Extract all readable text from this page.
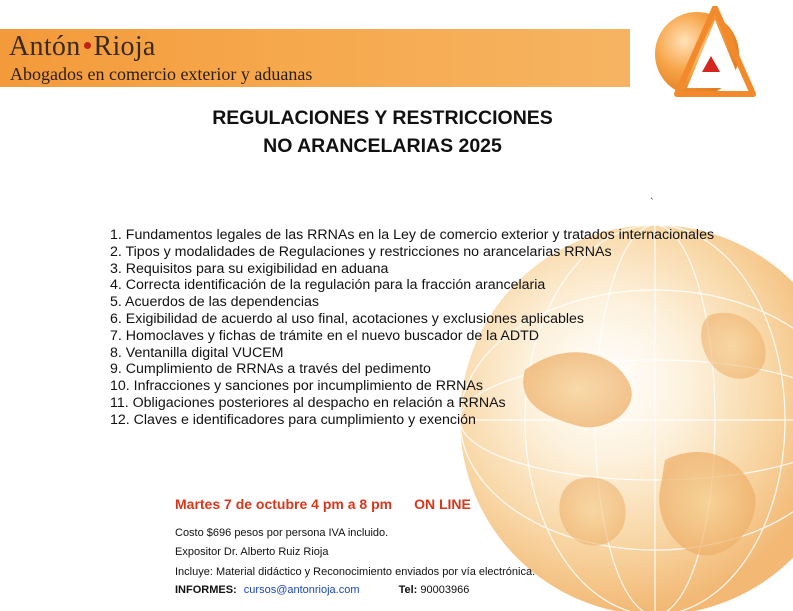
Antón Rioja
Abogados en comercio exterior y aduanas
REGULACIONES Y RESTRICCIONES
NO ARANCELARIAS 2025
`
1. Fundamentos legales de las RRNAs en la Ley de comercio exterior y tratados internacionales
2. Tipos y modalidades de Regulaciones y restricciones no arancelarias RRNAs
3. Requisitos para su exigibilidad en aduana
4. Correcta identificación de la regulación para la fracción arancelaria
5. Acuerdos de las dependencias
6. Exigibilidad de acuerdo al uso final, acotaciones y exclusiones aplicables
7. Homoclaves y fichas de trámite en el nuevo buscador de la ADTD
8. Ventanilla digital VUCEM
9. Cumplimiento de RRNAs a través del pedimento
10. Infracciones y sanciones por incumplimiento de RRNAs
11. Obligaciones posteriores al despacho en relación a RRNAs
12. Claves e identificadores para cumplimiento y exención
Martes 7 de octubre 4 pm a 8 pm ON LINE
Costo $696 pesos por persona IVA incluido.
Expositor Dr. Alberto Ruiz Rioja
Incluye: Material didáctico y Reconocimiento enviados por vía electrónica.
INFORMES: cursos@antonrioja.com	Tel: 90003966
